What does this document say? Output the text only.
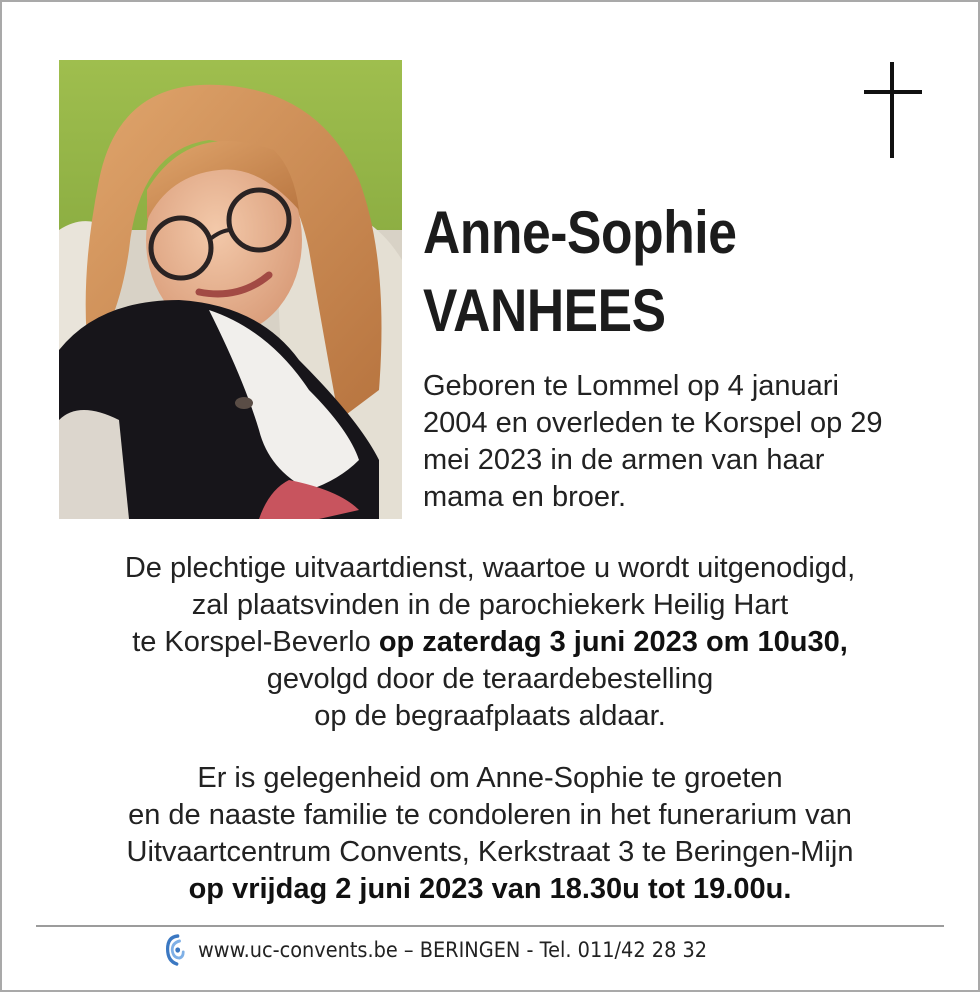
Anne-Sophie
VANHEES

Geboren te Lommel op 4 januari
2004 en overleden te Korspel op 29
mei 2023 in de armen van haar
mama en broer.

De plechtige uitvaartdienst, waartoe u wordt uitgenodigd,
zal plaatsvinden in de parochiekerk Heilig Hart
te Korspel-Beverlo op zaterdag 3 juni 2023 om 10u30,
gevolgd door de teraardebestelling
op de begraafplaats aldaar.

Er is gelegenheid om Anne-Sophie te groeten
en de naaste familie te condoleren in het funerarium van
Uitvaartcentrum Convents, Kerkstraat 3 te Beringen-Mijn
op vrijdag 2 juni 2023 van 18.30u tot 19.00u.

www.uc-convents.be – BERINGEN - Tel. 011/42 28 32
